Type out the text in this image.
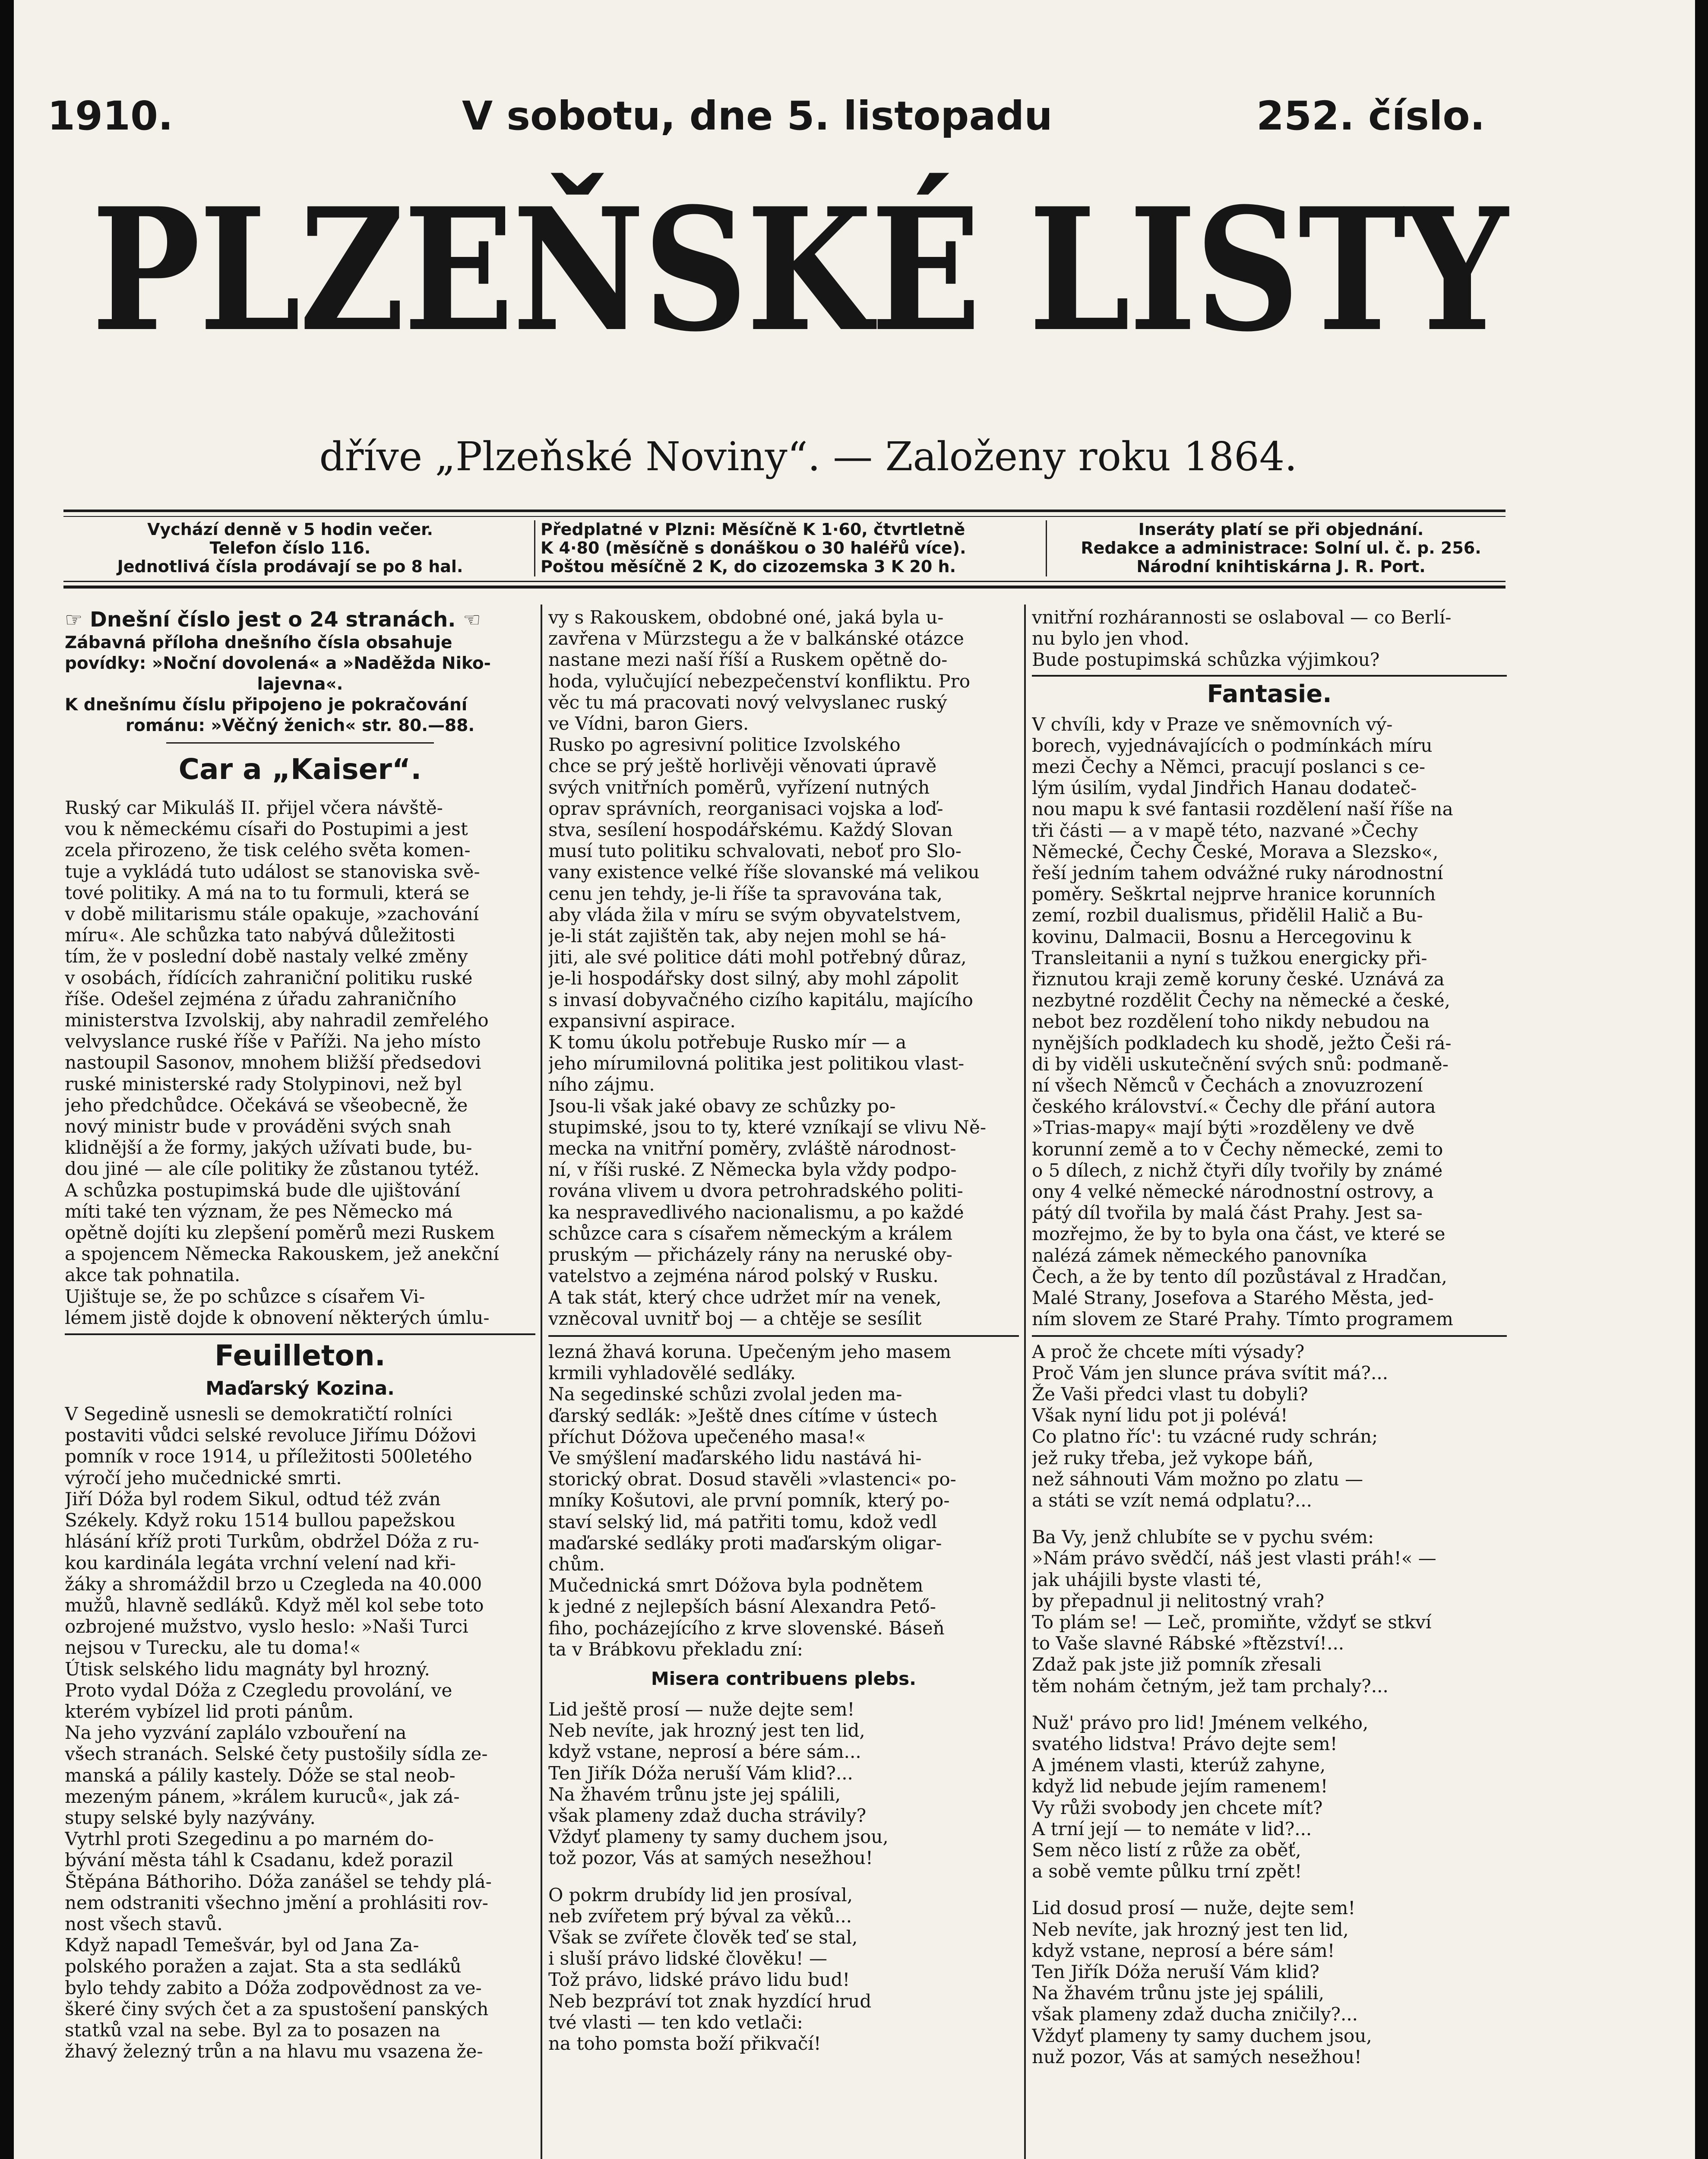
1910.	V sobotu, dne 5. listopadu	252. číslo.
PLZEŇSKÉ LISTY
dříve „Plzeňské Noviny“. — Založeny roku 1864.
Vychází denně v 5 hodin večer.
Telefon číslo 116.
Jednotlivá čísla prodávají se po 8 hal.
Předplatné v Plzni: Měsíčně K 1·60, čtvrtletně
K 4·80 (měsíčně s donáškou o 30 haléřů více).
Poštou měsíčně 2 K, do cizozemska 3 K 20 h.
Inseráty platí se při objednání.
Redakce a administrace: Solní ul. č. p. 256.
Národní knihtiskárna J. R. Port.
☞ Dnešní číslo jest o 24 stranách. ☜
Zábavná příloha dnešního čísla obsahuje
povídky: »Noční dovolená« a »Naděžda Niko-
lajevna«.
K dnešnímu číslu připojeno je pokračování
románu: »Věčný ženich« str. 80.—88.
Car a „Kaiser“.
Ruský car Mikuláš II. přijel včera návště-
vou k německému císaři do Postupimi a jest
zcela přirozeno, že tisk celého světa komen-
tuje a vykládá tuto událost se stanoviska svě-
tové politiky. A má na to tu formuli, která se
v době militarismu stále opakuje, »zachování
míru«. Ale schůzka tato nabývá důležitosti
tím, že v poslední době nastaly velké změny
v osobách, řídících zahraniční politiku ruské
říše. Odešel zejména z úřadu zahraničního
ministerstva Izvolskij, aby nahradil zemřelého
velvyslance ruské říše v Paříži. Na jeho místo
nastoupil Sasonov, mnohem bližší předsedovi
ruské ministerské rady Stolypinovi, než byl
jeho předchůdce. Očekává se všeobecně, že
nový ministr bude v prováděni svých snah
klidnější a že formy, jakých užívati bude, bu-
dou jiné — ale cíle politiky že zůstanou tytéž.
A schůzka postupimská bude dle ujištování
míti také ten význam, že pes Německo má
opětně dojíti ku zlepšení poměrů mezi Ruskem
a spojencem Německa Rakouskem, jež anekční
akce tak pohnatila.
Ujištuje se, že po schůzce s císařem Vi-
lémem jistě dojde k obnovení některých úmlu-
Feuilleton.
Maďarský Kozina.
V Segedině usnesli se demokratičtí rolníci
postaviti vůdci selské revoluce Jiřímu Dóžovi
pomník v roce 1914, u příležitosti 500letého
výročí jeho mučednické smrti.
Jiří Dóža byl rodem Sikul, odtud též zván
Székely. Když roku 1514 bullou papežskou
hlásání kříž proti Turkům, obdržel Dóža z ru-
kou kardinála legáta vrchní velení nad kři-
žáky a shromáždil brzo u Czegleda na 40.000
mužů, hlavně sedláků. Když měl kol sebe toto
ozbrojené mužstvo, vyslo heslo: »Naši Turci
nejsou v Turecku, ale tu doma!«
Útisk selského lidu magnáty byl hrozný.
Proto vydal Dóža z Czegledu provolání, ve
kterém vybízel lid proti pánům.
Na jeho vyzvání zaplálo vzbouření na
všech stranách. Selské čety pustošily sídla ze-
manská a pálily kastely. Dóže se stal neob-
mezeným pánem, »králem kuruců«, jak zá-
stupy selské byly nazývány.
Vytrhl proti Szegedinu a po marném do-
bývání města táhl k Csadanu, kdež porazil
Štěpána Báthoriho. Dóža zanášel se tehdy plá-
nem odstraniti všechno jmění a prohlásiti rov-
nost všech stavů.
Když napadl Temešvár, byl od Jana Za-
polského poražen a zajat. Sta a sta sedláků
bylo tehdy zabito a Dóža zodpovědnost za ve-
škeré činy svých čet a za spustošení panských
statků vzal na sebe. Byl za to posazen na
žhavý železný trůn a na hlavu mu vsazena že-
vy s Rakouskem, obdobné oné, jaká byla u-
zavřena v Mürzstegu a že v balkánské otázce
nastane mezi naší říší a Ruskem opětně do-
hoda, vylučující nebezpečenství konfliktu. Pro
věc tu má pracovati nový velvyslanec ruský
ve Vídni, baron Giers.
Rusko po agresivní politice Izvolského
chce se prý ještě horlivěji věnovati úpravě
svých vnitřních poměrů, vyřízení nutných
oprav správních, reorganisaci vojska a loď-
stva, sesílení hospodářskému. Každý Slovan
musí tuto politiku schvalovati, neboť pro Slo-
vany existence velké říše slovanské má velikou
cenu jen tehdy, je-li říše ta spravována tak,
aby vláda žila v míru se svým obyvatelstvem,
je-li stát zajištěn tak, aby nejen mohl se há-
jiti, ale své politice dáti mohl potřebný důraz,
je-li hospodářsky dost silný, aby mohl zápolit
s invasí dobyvačného cizího kapitálu, majícího
expansivní aspirace.
K tomu úkolu potřebuje Rusko mír — a
jeho mírumilovná politika jest politikou vlast-
ního zájmu.
Jsou-li však jaké obavy ze schůzky po-
stupimské, jsou to ty, které vzníkají se vlivu Ně-
mecka na vnitřní poměry, zvláště národnost-
ní, v říši ruské. Z Německa byla vždy podpo-
rována vlivem u dvora petrohradského politi-
ka nespravedlivého nacionalismu, a po každé
schůzce cara s císařem německým a králem
pruským — přicházely rány na neruské oby-
vatelstvo a zejména národ polský v Rusku.
A tak stát, který chce udržet mír na venek,
vzněcoval uvnitř boj — a chtěje se sesílit
lezná žhavá koruna. Upečeným jeho masem
krmili vyhladovělé sedláky.
Na segedinské schůzi zvolal jeden ma-
ďarský sedlák: »Ještě dnes cítíme v ústech
příchut Dóžova upečeného masa!«
Ve smýšlení maďarského lidu nastává hi-
storický obrat. Dosud stavěli »vlastenci« po-
mníky Košutovi, ale první pomník, který po-
staví selský lid, má patřiti tomu, kdož vedl
maďarské sedláky proti maďarským oligar-
chům.
Mučednická smrt Dóžova byla podnětem
k jedné z nejlepších básní Alexandra Pető-
fiho, pocházejícího z krve slovenské. Báseň
ta v Brábkovu překladu zní:
Misera contribuens plebs.
Lid ještě prosí — nuže dejte sem!
Neb nevíte, jak hrozný jest ten lid,
když vstane, neprosí a bére sám...
Ten Jiřík Dóža neruší Vám klid?...
Na žhavém trůnu jste jej spálili,
však plameny zdaž ducha strávily?
Vždyť plameny ty samy duchem jsou,
tož pozor, Vás at samých nesežhou!
O pokrm drubídy lid jen prosíval,
neb zvířetem prý býval za věků...
Však se zvířete člověk teď se stal,
i sluší právo lidské člověku! —
Tož právo, lidské právo lidu bud!
Neb bezpráví tot znak hyzdící hrud
tvé vlasti — ten kdo vetlači:
na toho pomsta boží přikvačí!
vnitřní rozhárannosti se oslaboval — co Berlí-
nu bylo jen vhod.
Bude postupimská schůzka výjimkou?
Fantasie.
V chvíli, kdy v Praze ve sněmovních vý-
borech, vyjednávajících o podmínkách míru
mezi Čechy a Němci, pracují poslanci s ce-
lým úsilím, vydal Jindřich Hanau dodateč-
nou mapu k své fantasii rozdělení naší říše na
tři části — a v mapě této, nazvané »Čechy
Německé, Čechy České, Morava a Slezsko«,
řeší jedním tahem odvážné ruky národnostní
poměry. Seškrtal nejprve hranice korunních
zemí, rozbil dualismus, přidělil Halič a Bu-
kovinu, Dalmacii, Bosnu a Hercegovinu k
Transleitanii a nyní s tužkou energicky při-
řiznutou kraji země koruny české. Uznává za
nezbytné rozdělit Čechy na německé a české,
nebot bez rozdělení toho nikdy nebudou na
nynějších podkladech ku shodě, ježto Češi rá-
di by viděli uskutečnění svých snů: podmaně-
ní všech Němců v Čechách a znovuzrození
českého království.« Čechy dle přání autora
»Trias-mapy« mají býti »rozděleny ve dvě
korunní země a to v Čechy německé, zemi to
o 5 dílech, z nichž čtyři díly tvořily by známé
ony 4 velké německé národnostní ostrovy, a
pátý díl tvořila by malá část Prahy. Jest sa-
mozřejmo, že by to byla ona část, ve které se
nalézá zámek německého panovníka
Čech, a že by tento díl pozůstával z Hradčan,
Malé Strany, Josefova a Starého Města, jed-
ním slovem ze Staré Prahy. Tímto programem
A proč že chcete míti výsady?
Proč Vám jen slunce práva svítit má?...
Že Vaši předci vlast tu dobyli?
Však nyní lidu pot ji polévá!
Co platno říc': tu vzácné rudy schrán;
jež ruky třeba, jež vykope báň,
než sáhnouti Vám možno po zlatu —
a státi se vzít nemá odplatu?...
Ba Vy, jenž chlubíte se v pychu svém:
»Nám právo svědčí, náš jest vlasti práh!« —
jak uhájili byste vlasti té,
by přepadnul ji nelitostný vrah?
To plám se! — Leč, promiňte, vždyť se stkví
to Vaše slavné Rábské »ftězství!...
Zdaž pak jste již pomník zřesali
těm nohám četným, jež tam prchaly?...
Nuž' právo pro lid! Jménem velkého,
svatého lidstva! Právo dejte sem!
A jménem vlasti, kterúž zahyne,
když lid nebude jejím ramenem!
Vy růži svobody jen chcete mít?
A trní její — to nemáte v lid?...
Sem něco listí z růže za oběť,
a sobě vemte půlku trní zpět!
Lid dosud prosí — nuže, dejte sem!
Neb nevíte, jak hrozný jest ten lid,
když vstane, neprosí a bére sám!
Ten Jiřík Dóža neruší Vám klid?
Na žhavém trůnu jste jej spálili,
však plameny zdaž ducha zničily?...
Vždyť plameny ty samy duchem jsou,
nuž pozor, Vás at samých nesežhou!
